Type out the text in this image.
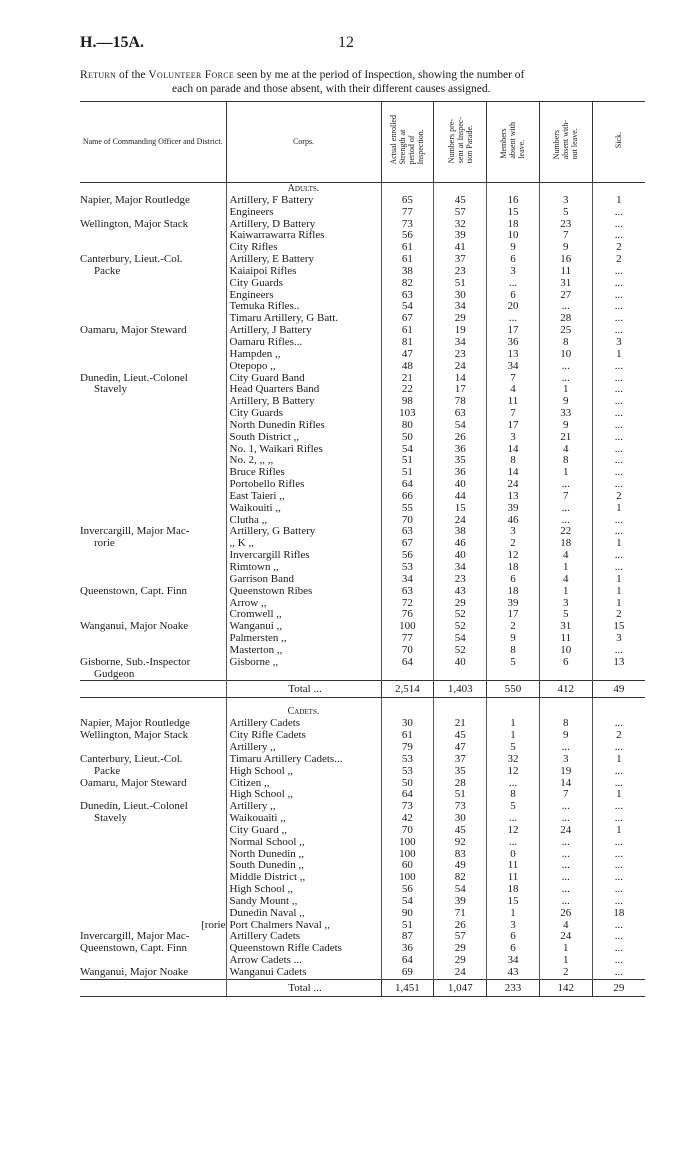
H.—15A.	12
Return of the Volunteer Force seen by me at the period of Inspection, showing the number of
each on parade and those absent, with their different causes assigned.
Name of Commanding Officer and District.	Corps.	Actual enrolled
Strength at
period of
Inspection.	Numbers pre-
sent at Inspec-
tion Parade.	Members
absent with
leave.	Numbers
absent with-
out leave.	Sick.
	Adults.					
Napier, Major Routledge	Artillery, F Battery	65	45	16	3	1
	Engineers	77	57	15	5	...
Wellington, Major Stack	Artillery, D Battery	73	32	18	23	...
	Kaiwarrawarra Rifles	56	39	10	7	...
	City Rifles	61	41	9	9	2
Canterbury, Lieut.-Col.	Artillery, E Battery	61	37	6	16	2
Packe	Kaiaipoi Rifles	38	23	3	11	...
	City Guards	82	51	...	31	...
	Engineers	63	30	6	27	...
	Temuka Rifles..	54	34	20	...	...
	Timaru Artillery, G Batt.	67	29	...	28	...
Oamaru, Major Steward	Artillery, J Battery	61	19	17	25	...
	Oamaru Rifles...	81	34	36	8	3
	Hampden ,,	47	23	13	10	1
	Otepopo ,,	48	24	34	...	...
Dunedin, Lieut.-Colonel	City Guard Band	21	14	7	...	...
Stavely	Head Quarters Band	22	17	4	1	...
	Artillery, B Battery	98	78	11	9	...
	City Guards	103	63	7	33	...
	North Dunedin Rifles	80	54	17	9	...
	South District ,,	50	26	3	21	...
	No. 1, Waikari Rifles	54	36	14	4	...
	No. 2, ,, ,,	51	35	8	8	...
	Bruce Rifles	51	36	14	1	...
	Portobello Rifles	64	40	24	...	...
	East Taieri ,,	66	44	13	7	2
	Waikouiti ,,	55	15	39	...	1
	Clutha ,,	70	24	46	...	...
Invercargill, Major Mac-	Artillery, G Battery	63	38	3	22	...
rorie	,, K ,,	67	46	2	18	1
	Invercargill Rifles	56	40	12	4	...
	Rimtown ,,	53	34	18	1	...
	Garrison Band	34	23	6	4	1
Queenstown, Capt. Finn	Queenstown Ribes	63	43	18	1	1
	Arrow ,,	72	29	39	3	1
	Cromwell ,,	76	52	17	5	2
Wanganui, Major Noake	Wanganui ,,	100	52	2	31	15
	Palmersten ,,	77	54	9	11	3
	Masterton ,,	70	52	8	10	...
Gisborne, Sub.-Inspector	Gisborne ,,	64	40	5	6	13
Gudgeon						
	Total ...	2,514	1,403	550	412	49

	Cadets.					
Napier, Major Routledge	Artillery Cadets	30	21	1	8	...
Wellington, Major Stack	City Rifle Cadets	61	45	1	9	2
	Artillery ,,	79	47	5	...	...
Canterbury, Lieut.-Col.	Timaru Artillery Cadets...	53	37	32	3	1
Packe	High School ,,	53	35	12	19	...
Oamaru, Major Steward	Citizen ,,	50	28	...	14	...
	High School ,,	64	51	8	7	1
Dunedin, Lieut.-Colonel	Artillery ,,	73	73	5	...	...
Stavely	Waikouaiti ,,	42	30	...	...	...
	City Guard ,,	70	45	12	24	1
	Normal School ,,	100	92	...	...	...
	North Dunedin ,,	100	83	0	...	...
	South Dunedin ,,	60	49	11	...	...
	Middle District ,,	100	82	11	...	...
	High School ,,	56	54	18	...	...
	Sandy Mount ,,	54	39	15	...	...
	Dunedin Naval ,,	90	71	1	26	18
[rorie	Port Chalmers Naval ,,	51	26	3	4	...
Invercargill, Major Mac-	Artillery Cadets	87	57	6	24	...
Queenstown, Capt. Finn	Queenstown Rifle Cadets	36	29	6	1	...
	Arrow Cadets ...	64	29	34	1	...
Wanganui, Major Noake	Wanganui Cadets	69	24	43	2	...
	Total ...	1,451	1,047	233	142	29
